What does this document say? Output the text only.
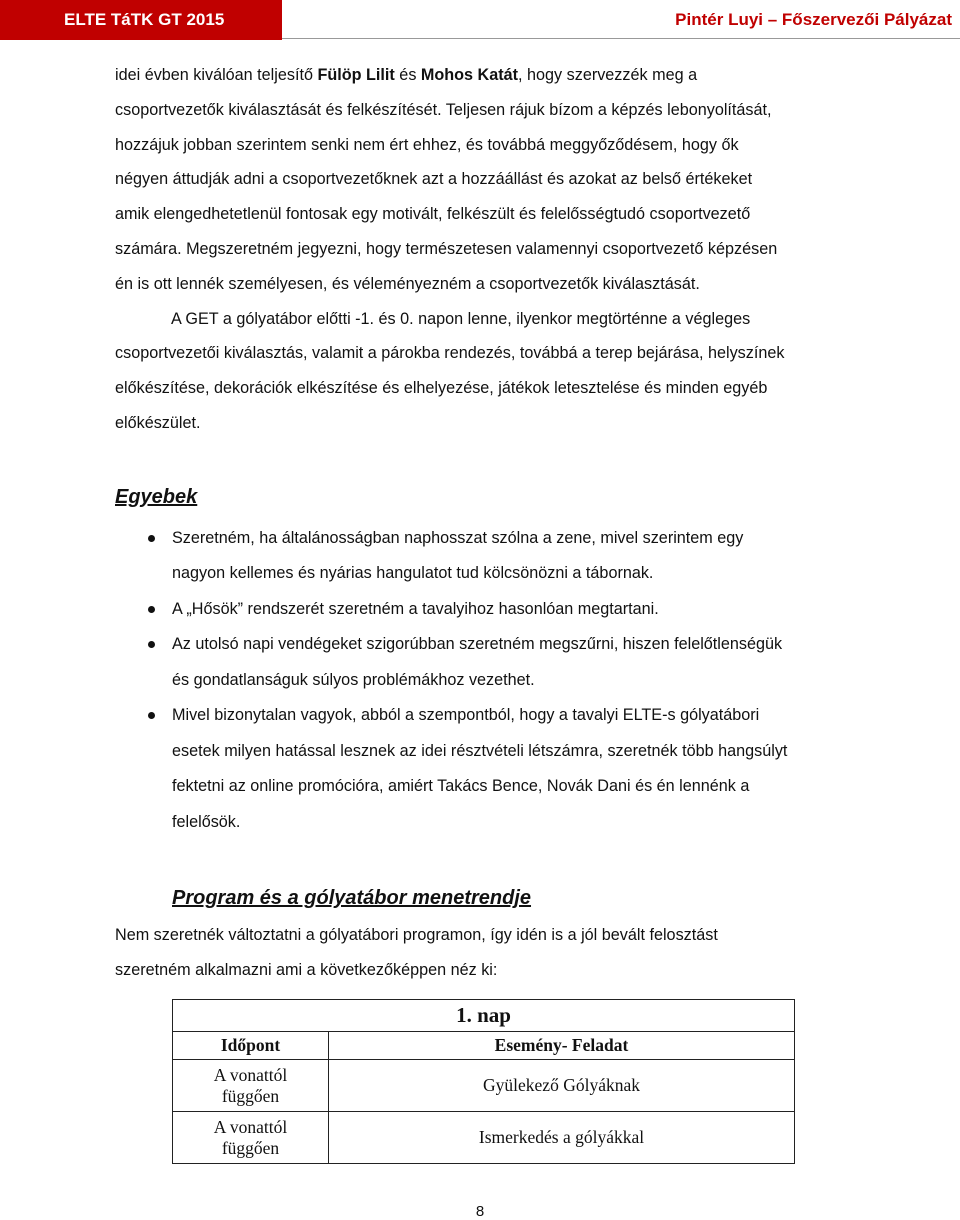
ELTE TáTK GT 2015	Pintér Luyi – Főszervezői Pályázat

idei évben kiválóan teljesítő Fülöp Lilit és Mohos Katát, hogy szervezzék meg a
csoportvezetők kiválasztását és felkészítését. Teljesen rájuk bízom a képzés lebonyolítását,
hozzájuk jobban szerintem senki nem ért ehhez, és továbbá meggyőződésem, hogy ők
négyen áttudják adni a csoportvezetőknek azt a hozzáállást és azokat az belső értékeket
amik elengedhetetlenül fontosak egy motivált, felkészült és felelősségtudó csoportvezető
számára. Megszeretném jegyezni, hogy természetesen valamennyi csoportvezető képzésen
én is ott lennék személyesen, és véleményezném a csoportvezetők kiválasztását.

A GET a gólyatábor előtti -1. és 0. napon lenne, ilyenkor megtörténne a végleges
csoportvezetői kiválasztás, valamit a párokba rendezés, továbbá a terep bejárása, helyszínek
előkészítése, dekorációk elkészítése és elhelyezése, játékok letesztelése és minden egyéb
előkészület.

Egyebek
Szeretném, ha általánosságban naphosszat szólna a zene, mivel szerintem egy
nagyon kellemes és nyárias hangulatot tud kölcsönözni a tábornak.
A „Hősök” rendszerét szeretném a tavalyihoz hasonlóan megtartani.
Az utolsó napi vendégeket szigorúbban szeretném megszűrni, hiszen felelőtlenségük
és gondatlanságuk súlyos problémákhoz vezethet.
Mivel bizonytalan vagyok, abból a szempontból, hogy a tavalyi ELTE-s gólyatábori
esetek milyen hatással lesznek az idei résztvételi létszámra, szeretnék több hangsúlyt
fektetni az online promócióra, amiért Takács Bence, Novák Dani és én lennénk a
felelősök.
Program és a gólyatábor menetrendje

Nem szeretnék változtatni a gólyatábori programon, így idén is a jól bevált felosztást
szeretném alkalmazni ami a következőképpen néz ki:

1. nap	
Időpont	Esemény- Feladat
A vonattól
függően	Gyülekező Gólyáknak
A vonattól
függően	Ismerkedés a gólyákkal
8
